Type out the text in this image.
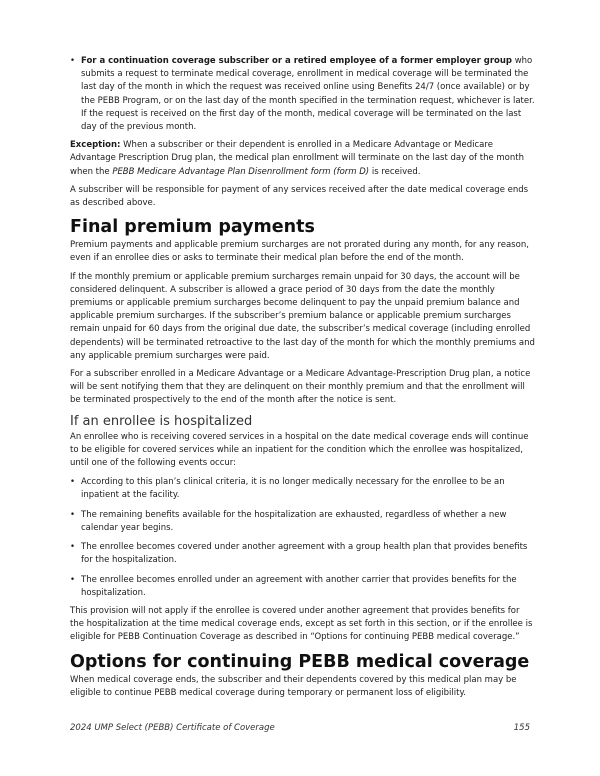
• For a continuation coverage subscriber or a retired employee of a former employer group who submits a request to terminate medical coverage, enrollment in medical coverage will be terminated the last day of the month in which the request was received online using Benefits 24/7 (once available) or by the PEBB Program, or on the last day of the month specified in the termination request, whichever is later. If the request is received on the first day of the month, medical coverage will be terminated on the last day of the previous month.

Exception: When a subscriber or their dependent is enrolled in a Medicare Advantage or Medicare Advantage Prescription Drug plan, the medical plan enrollment will terminate on the last day of the month when the PEBB Medicare Advantage Plan Disenrollment form (form D) is received.

A subscriber will be responsible for payment of any services received after the date medical coverage ends as described above.

Final premium payments

Premium payments and applicable premium surcharges are not prorated during any month, for any reason, even if an enrollee dies or asks to terminate their medical plan before the end of the month.

If the monthly premium or applicable premium surcharges remain unpaid for 30 days, the account will be considered delinquent. A subscriber is allowed a grace period of 30 days from the date the monthly premiums or applicable premium surcharges become delinquent to pay the unpaid premium balance and applicable premium surcharges. If the subscriber’s premium balance or applicable premium surcharges remain unpaid for 60 days from the original due date, the subscriber’s medical coverage (including enrolled dependents) will be terminated retroactive to the last day of the month for which the monthly premiums and any applicable premium surcharges were paid.

For a subscriber enrolled in a Medicare Advantage or a Medicare Advantage-Prescription Drug plan, a notice will be sent notifying them that they are delinquent on their monthly premium and that the enrollment will be terminated prospectively to the end of the month after the notice is sent.

If an enrollee is hospitalized

An enrollee who is receiving covered services in a hospital on the date medical coverage ends will continue to be eligible for covered services while an inpatient for the condition which the enrollee was hospitalized, until one of the following events occur:

• According to this plan’s clinical criteria, it is no longer medically necessary for the enrollee to be an inpatient at the facility.

• The remaining benefits available for the hospitalization are exhausted, regardless of whether a new calendar year begins.

• The enrollee becomes covered under another agreement with a group health plan that provides benefits for the hospitalization.

• The enrollee becomes enrolled under an agreement with another carrier that provides benefits for the hospitalization.

This provision will not apply if the enrollee is covered under another agreement that provides benefits for the hospitalization at the time medical coverage ends, except as set forth in this section, or if the enrollee is eligible for PEBB Continuation Coverage as described in “Options for continuing PEBB medical coverage.”

Options for continuing PEBB medical coverage

When medical coverage ends, the subscriber and their dependents covered by this medical plan may be eligible to continue PEBB medical coverage during temporary or permanent loss of eligibility.

2024 UMP Select (PEBB) Certificate of Coverage	155
